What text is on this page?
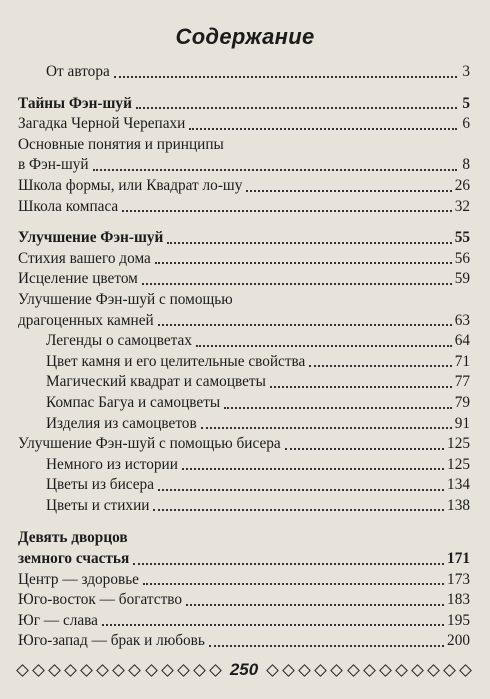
Содержание
От автора	3
Тайны Фэн-шуй	5
Загадка Черной Черепахи	6
Основные понятия и принципы
в Фэн-шуй	8
Школа формы, или Квадрат ло-шу	26
Школа компаса	32
Улучшение Фэн-шуй	55
Стихия вашего дома	56
Исцеление цветом	59
Улучшение Фэн-шуй с помощью
драгоценных камней	63
Легенды о самоцветах	64
Цвет камня и его целительные свойства	71
Магический квадрат и самоцветы	77
Компас Багуа и самоцветы	79
Изделия из самоцветов	91
Улучшение Фэн-шуй с помощью бисера	125
Немного из истории	125
Цветы из бисера	134
Цветы и стихии	138
Девять дворцов
земного счастья	171
Центр — здоровье	173
Юго-восток — богатство	183
Юг — слава	195
Юго-запад — брак и любовь	200
250
